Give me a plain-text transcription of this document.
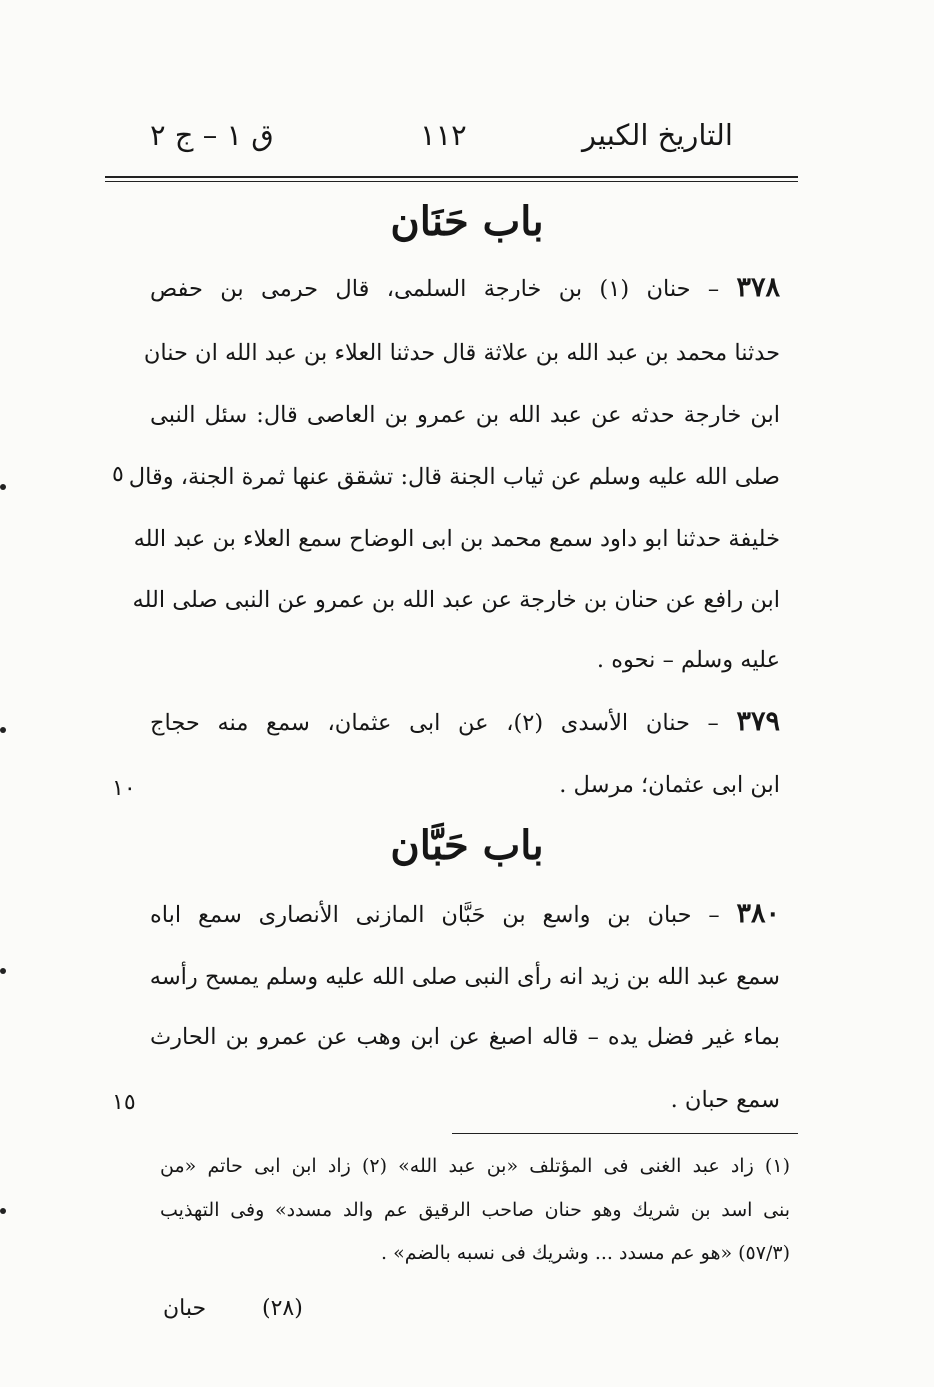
التاريخ الكبير
١١٢
ق ١ – ج ٢
باب حَنَان
٣٧٨ – حنان (١) بن خارجة السلمى، قال حرمى بن حفص
حدثنا محمد بن عبد الله بن علاثة قال حدثنا العلاء بن عبد الله ان حنان
ابن خارجة حدثه عن عبد الله بن عمرو بن العاصى قال: سئل النبى
صلى الله عليه وسلم عن ثياب الجنة قال: تشقق عنها ثمرة الجنة، وقال
٥
خليفة حدثنا ابو داود سمع محمد بن ابى الوضاح سمع العلاء بن عبد الله
ابن رافع عن حنان بن خارجة عن عبد الله بن عمرو عن النبى صلى الله
عليه وسلم – نحوه .
٣٧٩ – حنان الأسدى (٢)، عن ابى عثمان، سمع منه حجاج
ابن ابى عثمان؛ مرسل .
١٠
باب حَبَّان
٣٨٠ – حبان بن واسع بن حَبَّان المازنى الأنصارى سمع اباه
سمع عبد الله بن زيد انه رأى النبى صلى الله عليه وسلم يمسح رأسه
بماء غير فضل يده – قاله اصبغ عن ابن وهب عن عمرو بن الحارث
سمع حبان .
١٥
(١) زاد عبد الغنى فى المؤتلف «بن عبد الله» (٢) زاد ابن ابى حاتم «من
بنى اسد بن شريك وهو حنان صاحب الرقيق عم والد مسدد» وفى التهذيب
(٥٧/٣) «هو عم مسدد ... وشريك فى نسبه بالضم» .
(٢٨)
حبان
